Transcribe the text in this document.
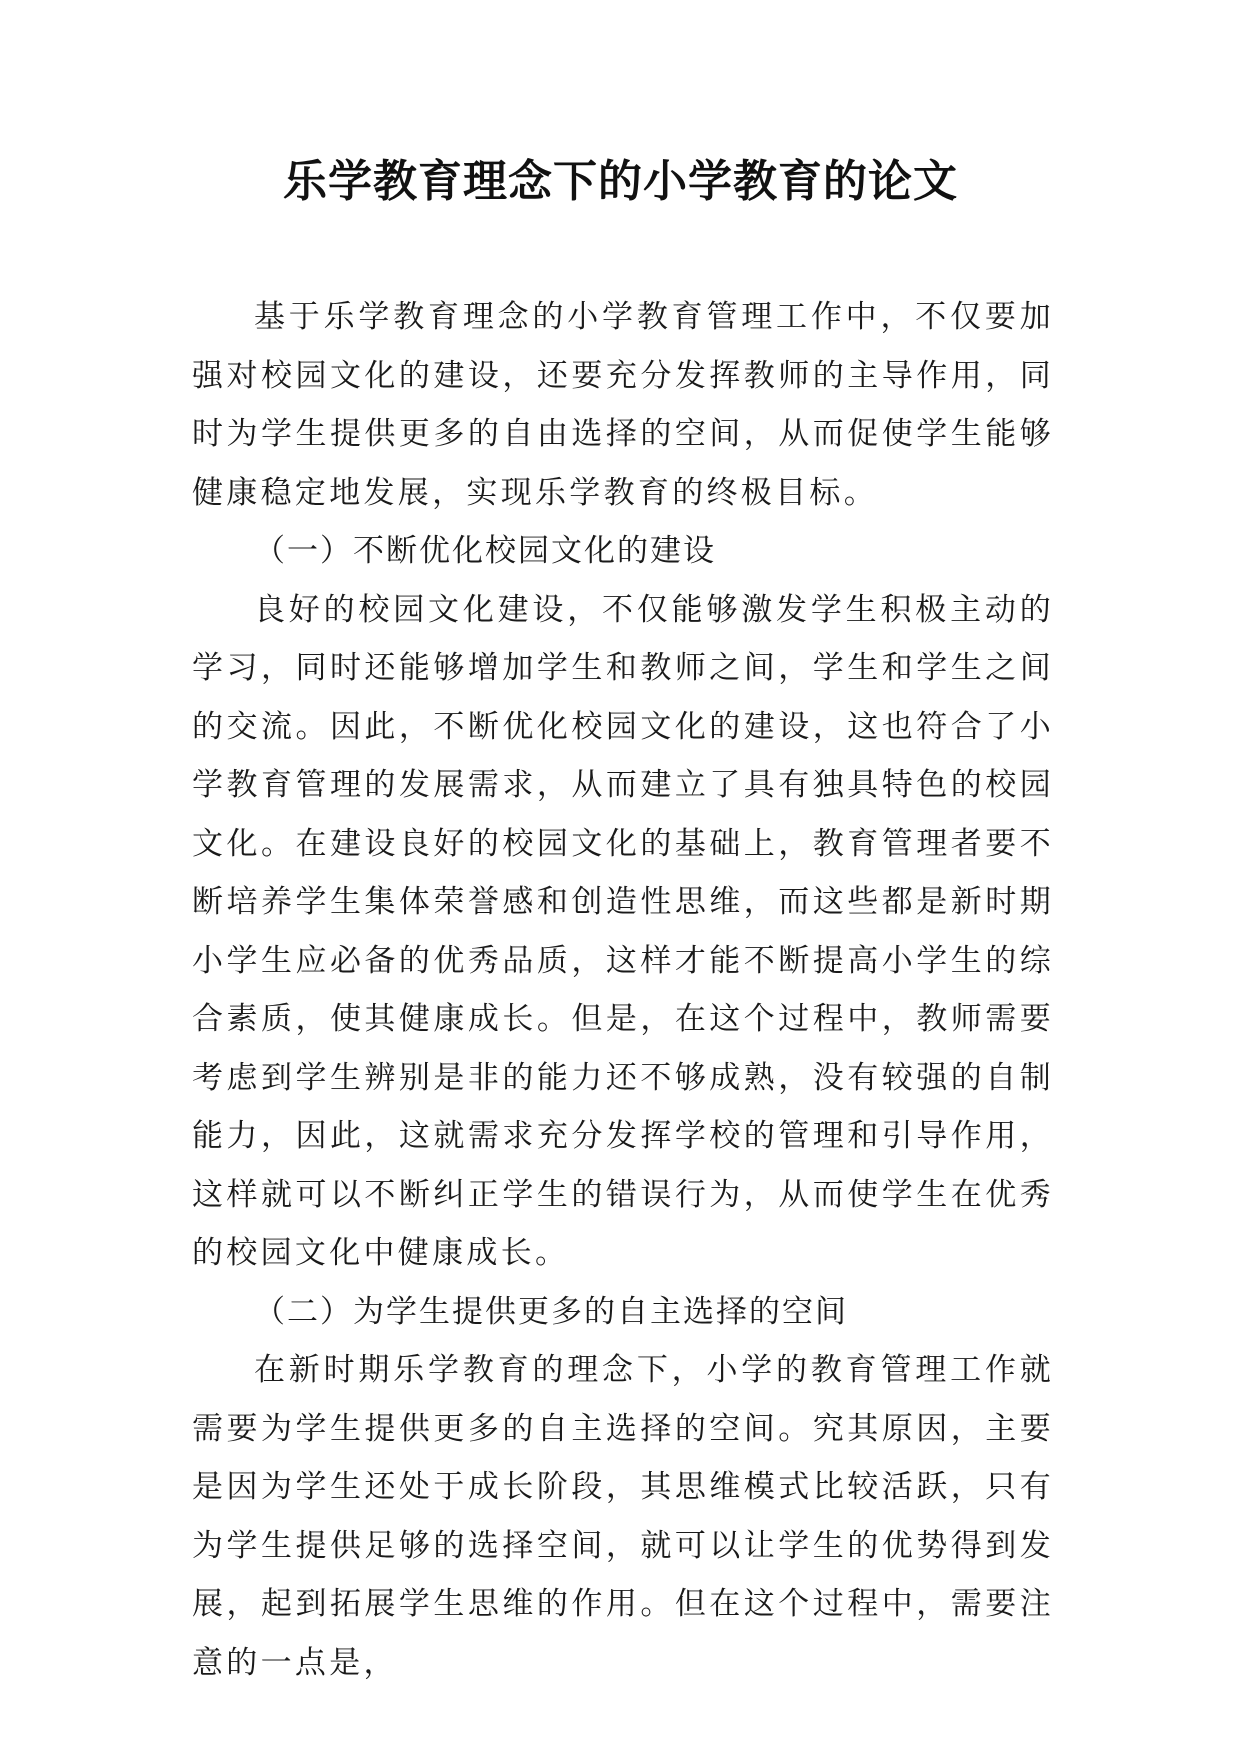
乐学教育理念下的小学教育的论文

基于乐学教育理念的小学教育管理工作中，不仅要加强对校园文化的建设，还要充分发挥教师的主导作用，同时为学生提供更多的自由选择的空间，从而促使学生能够健康稳定地发展，实现乐学教育的终极目标。

（一）不断优化校园文化的建设

良好的校园文化建设，不仅能够激发学生积极主动的学习，同时还能够增加学生和教师之间，学生和学生之间的交流。因此，不断优化校园文化的建设，这也符合了小学教育管理的发展需求，从而建立了具有独具特色的校园文化。在建设良好的校园文化的基础上，教育管理者要不断培养学生集体荣誉感和创造性思维，而这些都是新时期小学生应必备的优秀品质，这样才能不断提高小学生的综合素质，使其健康成长。但是，在这个过程中，教师需要考虑到学生辨别是非的能力还不够成熟，没有较强的自制能力，因此，这就需求充分发挥学校的管理和引导作用，这样就可以不断纠正学生的错误行为，从而使学生在优秀的校园文化中健康成长。

（二）为学生提供更多的自主选择的空间

在新时期乐学教育的理念下，小学的教育管理工作就需要为学生提供更多的自主选择的空间。究其原因，主要是因为学生还处于成长阶段，其思维模式比较活跃，只有为学生提供足够的选择空间，就可以让学生的优势得到发展，起到拓展学生思维的作用。但在这个过程中，需要注意的一点是，
